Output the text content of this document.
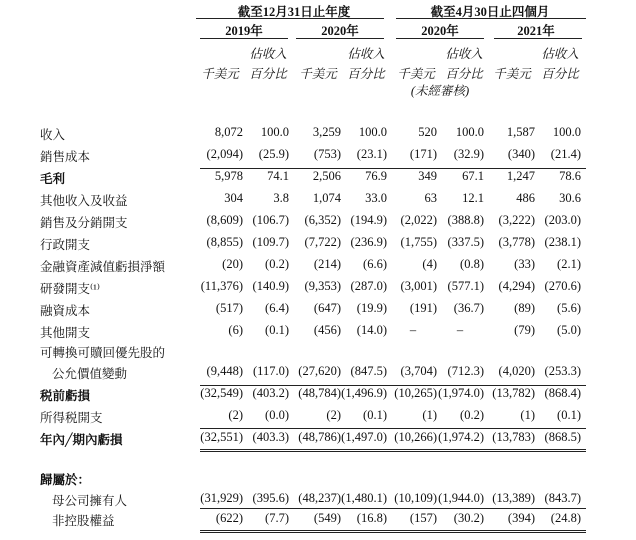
截至12月31日止年度	截至4月30日止四個月
2019年	2020年	2020年	2021年
佔收入	佔收入	佔收入	佔收入
千美元	千美元	千美元	千美元
百分比	百分比	百分比	百分比
(未經審核)
收入	8,072	100.0	3,259	100.0	520	100.0	1,587	100.0
銷售成本	(2,094)	(25.9)	(753)	(23.1)	(171)	(32.9)	(340)	(21.4)
毛利	5,978	74.1	2,506	76.9	349	67.1	1,247	78.6
其他收入及收益	304	3.8	1,074	33.0	63	12.1	486	30.6
銷售及分銷開支	(8,609) (106.7)	(6,352) (194.9)	(2,022) (388.8)	(3,222) (203.0)
行政開支	(8,855) (109.7)	(7,722) (236.9)	(1,755) (337.5)	(3,778) (238.1)
金融資產減值虧損淨額	(20)	(0.2)	(214)	(6.6)	(4)	(0.8)	(33)	(2.1)
研發開支⁽¹⁾	(11,376) (140.9)	(9,353) (287.0)	(3,001) (577.1)	(4,294) (270.6)
融資成本	(517)	(6.4)	(647)	(19.9)	(191)	(36.7)	(89)	(5.6)
其他開支	(6)	(0.1)	(456)	(14.0)	–	–	(79)	(5.0)
可轉換可贖回優先股的
公允價值變動	(9,448) (117.0) (27,620) (847.5)	(3,704) (712.3)	(4,020) (253.3)
税前虧損	(32,549) (403.2) (48,784) (1,496.9) (10,265) (1,974.0) (13,782) (868.4)
所得税開支	(2)	(0.0)	(2)	(0.1)	(1)	(0.2)	(1)	(0.1)
年內╱期內虧損	(32,551) (403.3) (48,786) (1,497.0) (10,266) (1,974.2) (13,783) (868.5)
歸屬於：
母公司擁有人	(31,929) (395.6) (48,237) (1,480.1) (10,109) (1,944.0) (13,389) (843.7)
非控股權益	(622)	(7.7)	(549)	(16.8)	(157)	(30.2)	(394)	(24.8)
